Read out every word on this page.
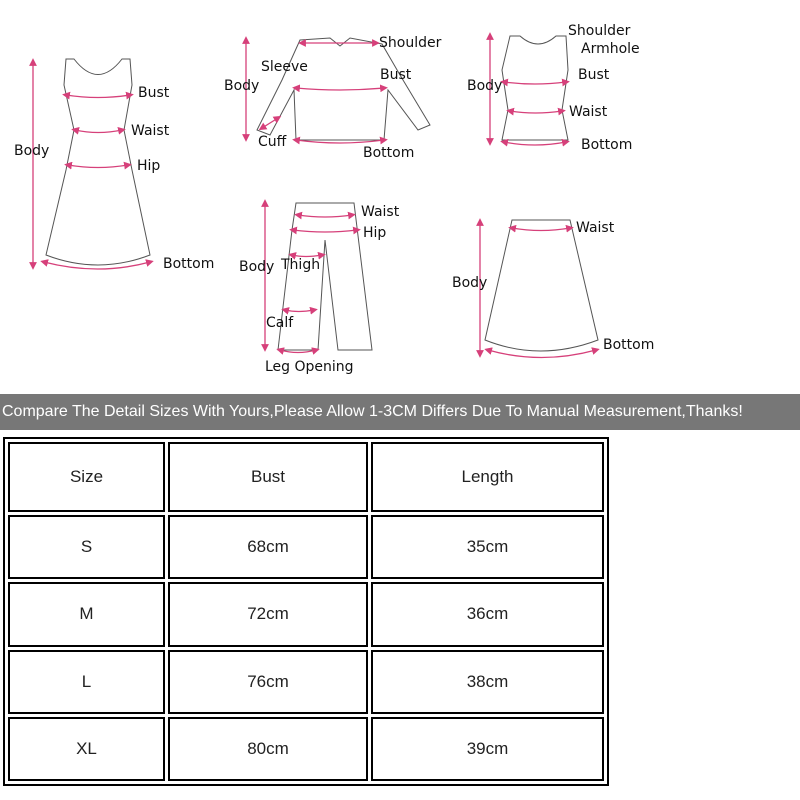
Body
Bust
Waist
Hip
Bottom
Body
Sleeve
Shoulder
Bust
Cuff
Bottom
Body
Shoulder
Armhole
Bust
Waist
Bottom
Body Thigh
Waist
Hip
Calf
Leg Opening
Body
Waist
Bottom
Compare The Detail Sizes With Yours,Please Allow 1-3CM Differs Due To Manual Measurement,Thanks!
Size	Bust	Length
S	68cm	35cm
M	72cm	36cm
L	76cm	38cm
XL	80cm	39cm
